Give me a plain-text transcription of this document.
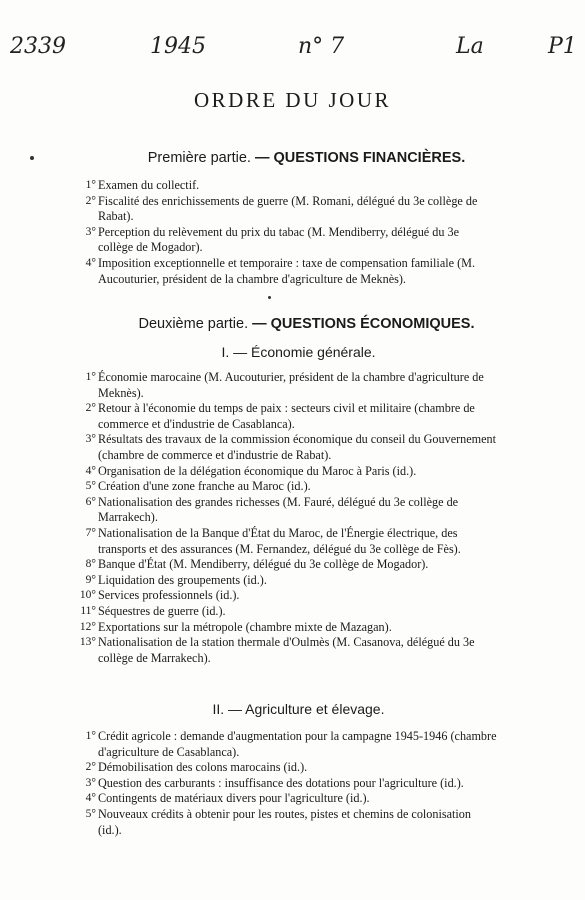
2339	1945	n° 7	La	P1
ORDRE DU JOUR
Première partie. — QUESTIONS FINANCIÈRES.
1° Examen du collectif.
2° Fiscalité des enrichissements de guerre (M. Romani, délégué du 3e collège de Rabat).
3° Perception du relèvement du prix du tabac (M. Mendiberry, délégué du 3e collège de Mogador).
4° Imposition exceptionnelle et temporaire : taxe de compensation familiale (M. Aucouturier, président de la chambre d'agriculture de Meknès).
Deuxième partie. — QUESTIONS ÉCONOMIQUES.
I. — Économie générale.
1° Économie marocaine (M. Aucouturier, président de la chambre d'agriculture de Meknès).
2° Retour à l'économie du temps de paix : secteurs civil et militaire (chambre de commerce et d'industrie de Casablanca).
3° Résultats des travaux de la commission économique du conseil du Gouvernement (chambre de commerce et d'industrie de Rabat).
4° Organisation de la délégation économique du Maroc à Paris (id.).
5° Création d'une zone franche au Maroc (id.).
6° Nationalisation des grandes richesses (M. Fauré, délégué du 3e collège de Marrakech).
7° Nationalisation de la Banque d'État du Maroc, de l'Énergie électrique, des transports et des assurances (M. Fernandez, délégué du 3e collège de Fès).
8° Banque d'État (M. Mendiberry, délégué du 3e collège de Mogador).
9° Liquidation des groupements (id.).
10° Services professionnels (id.).
11° Séquestres de guerre (id.).
12° Exportations sur la métropole (chambre mixte de Mazagan).
13° Nationalisation de la station thermale d'Oulmès (M. Casanova, délégué du 3e collège de Marrakech).
II. — Agriculture et élevage.
1° Crédit agricole : demande d'augmentation pour la campagne 1945-1946 (chambre d'agriculture de Casablanca).
2° Démobilisation des colons marocains (id.).
3° Question des carburants : insuffisance des dotations pour l'agriculture (id.).
4° Contingents de matériaux divers pour l'agriculture (id.).
5° Nouveaux crédits à obtenir pour les routes, pistes et chemins de colonisation (id.).
